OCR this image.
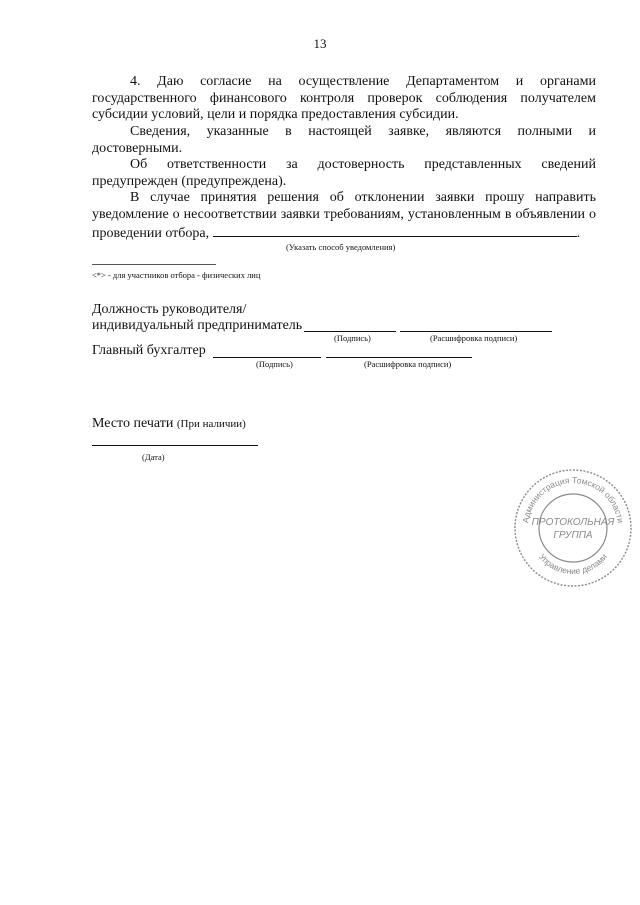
13
4. Даю согласие на осуществление Департаментом и органами государственного финансового контроля проверок соблюдения получателем субсидии условий, цели и порядка предоставления субсидии.
Сведения, указанные в настоящей заявке, являются полными и достоверными.
Об ответственности за достоверность представленных сведений предупрежден (предупреждена).
В случае принятия решения об отклонении заявки прошу направить уведомление о несоответствии заявки требованиям, установленным в объявлении о проведении отбора,	.
(Указать способ уведомления)
<*> - для участников отбора - физических лиц
Должность руководителя/
индивидуальный предприниматель
(Подпись)	(Расшифровка подписи)
Главный бухгалтер
(Подпись)	(Расшифровка подписи)
Место печати (При наличии)
(Дата)
Администрация Томской области
Управление делами
ПРОТОКОЛЬНАЯ
ГРУППА
